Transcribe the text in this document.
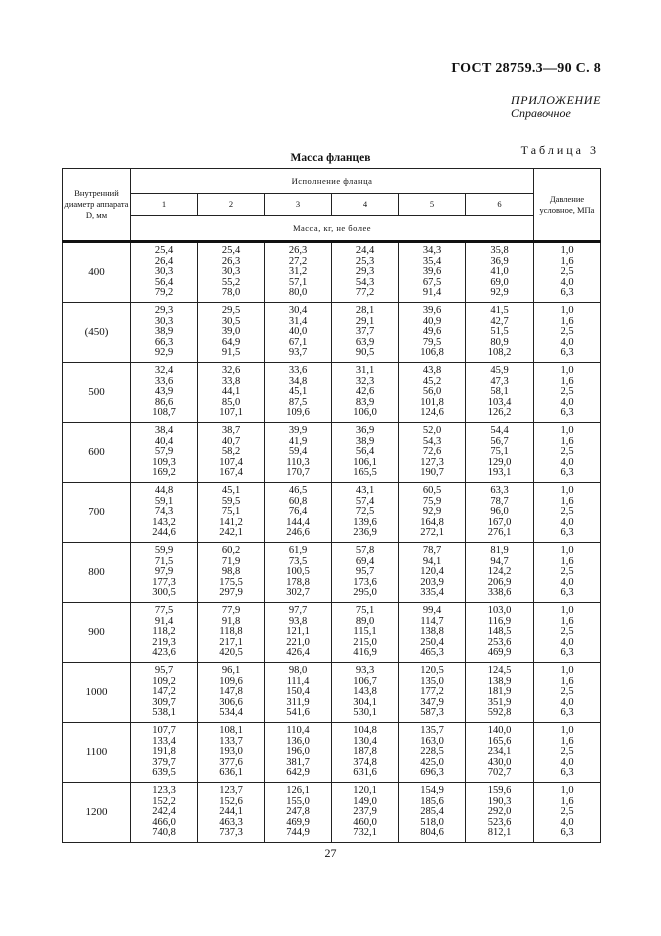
ГОСТ 28759.3—90 С. 8
ПРИЛОЖЕНИЕ
Справочное
Таблица 3
Масса фланцев
Внутренний диаметр аппарата D, мм	Исполнение фланца						Давление условное, МПа
	1	2	3	4	5	6	
	Масса, кг, не более						
400	25,4
26,4
30,3
56,4
79,2	25,4
26,3
30,3
55,2
78,0	26,3
27,2
31,2
57,1
80,0	24,4
25,3
29,3
54,3
77,2	34,3
35,4
39,6
67,5
91,4	35,8
36,9
41,0
69,0
92,9	1,0
1,6
2,5
4,0
6,3

(450)	29,3
30,3
38,9
66,3
92,9	29,5
30,5
39,0
64,9
91,5	30,4
31,4
40,0
67,1
93,7	28,1
29,1
37,7
63,9
90,5	39,6
40,9
49,6
79,5
106,8	41,5
42,7
51,5
80,9
108,2	1,0
1,6
2,5
4,0
6,3

500	32,4
33,6
43,9
86,6
108,7	32,6
33,8
44,1
85,0
107,1	33,6
34,8
45,1
87,5
109,6	31,1
32,3
42,6
83,9
106,0	43,8
45,2
56,0
101,8
124,6	45,9
47,3
58,1
103,4
126,2	1,0
1,6
2,5
4,0
6,3

600	38,4
40,4
57,9
109,3
169,2	38,7
40,7
58,2
107,4
167,4	39,9
41,9
59,4
110,3
170,7	36,9
38,9
56,4
106,1
165,5	52,0
54,3
72,6
127,3
190,7	54,4
56,7
75,1
129,0
193,1	1,0
1,6
2,5
4,0
6,3

700	44,8
59,1
74,3
143,2
244,6	45,1
59,5
75,1
141,2
242,1	46,5
60,8
76,4
144,4
246,6	43,1
57,4
72,5
139,6
236,9	60,5
75,9
92,9
164,8
272,1	63,3
78,7
96,0
167,0
276,1	1,0
1,6
2,5
4,0
6,3

800	59,9
71,5
97,9
177,3
300,5	60,2
71,9
98,8
175,5
297,9	61,9
73,5
100,5
178,8
302,7	57,8
69,4
95,7
173,6
295,0	78,7
94,1
120,4
203,9
335,4	81,9
94,7
124,2
206,9
338,6	1,0
1,6
2,5
4,0
6,3

900	77,5
91,4
118,2
219,3
423,6	77,9
91,8
118,8
217,1
420,5	97,7
93,8
121,1
221,0
426,4	75,1
89,0
115,1
215,0
416,9	99,4
114,7
138,8
250,4
465,3	103,0
116,9
148,5
253,6
469,9	1,0
1,6
2,5
4,0
6,3

1000	95,7
109,2
147,2
309,7
538,1	96,1
109,6
147,8
306,6
534,4	98,0
111,4
150,4
311,9
541,6	93,3
106,7
143,8
304,1
530,1	120,5
135,0
177,2
347,9
587,3	124,5
138,9
181,9
351,9
592,8	1,0
1,6
2,5
4,0
6,3

1100	107,7
133,4
191,8
379,7
639,5	108,1
133,7
193,0
377,6
636,1	110,4
136,0
196,0
381,7
642,9	104,8
130,4
187,8
374,8
631,6	135,7
163,0
228,5
425,0
696,3	140,0
165,6
234,1
430,0
702,7	1,0
1,6
2,5
4,0
6,3

1200	123,3
152,2
242,4
466,0
740,8	123,7
152,6
244,1
463,3
737,3	126,1
155,0
247,8
469,9
744,9	120,1
149,0
237,9
460,0
732,1	154,9
185,6
285,4
518,0
804,6	159,6
190,3
292,0
523,6
812,1	1,0
1,6
2,5
4,0
6,3
27
